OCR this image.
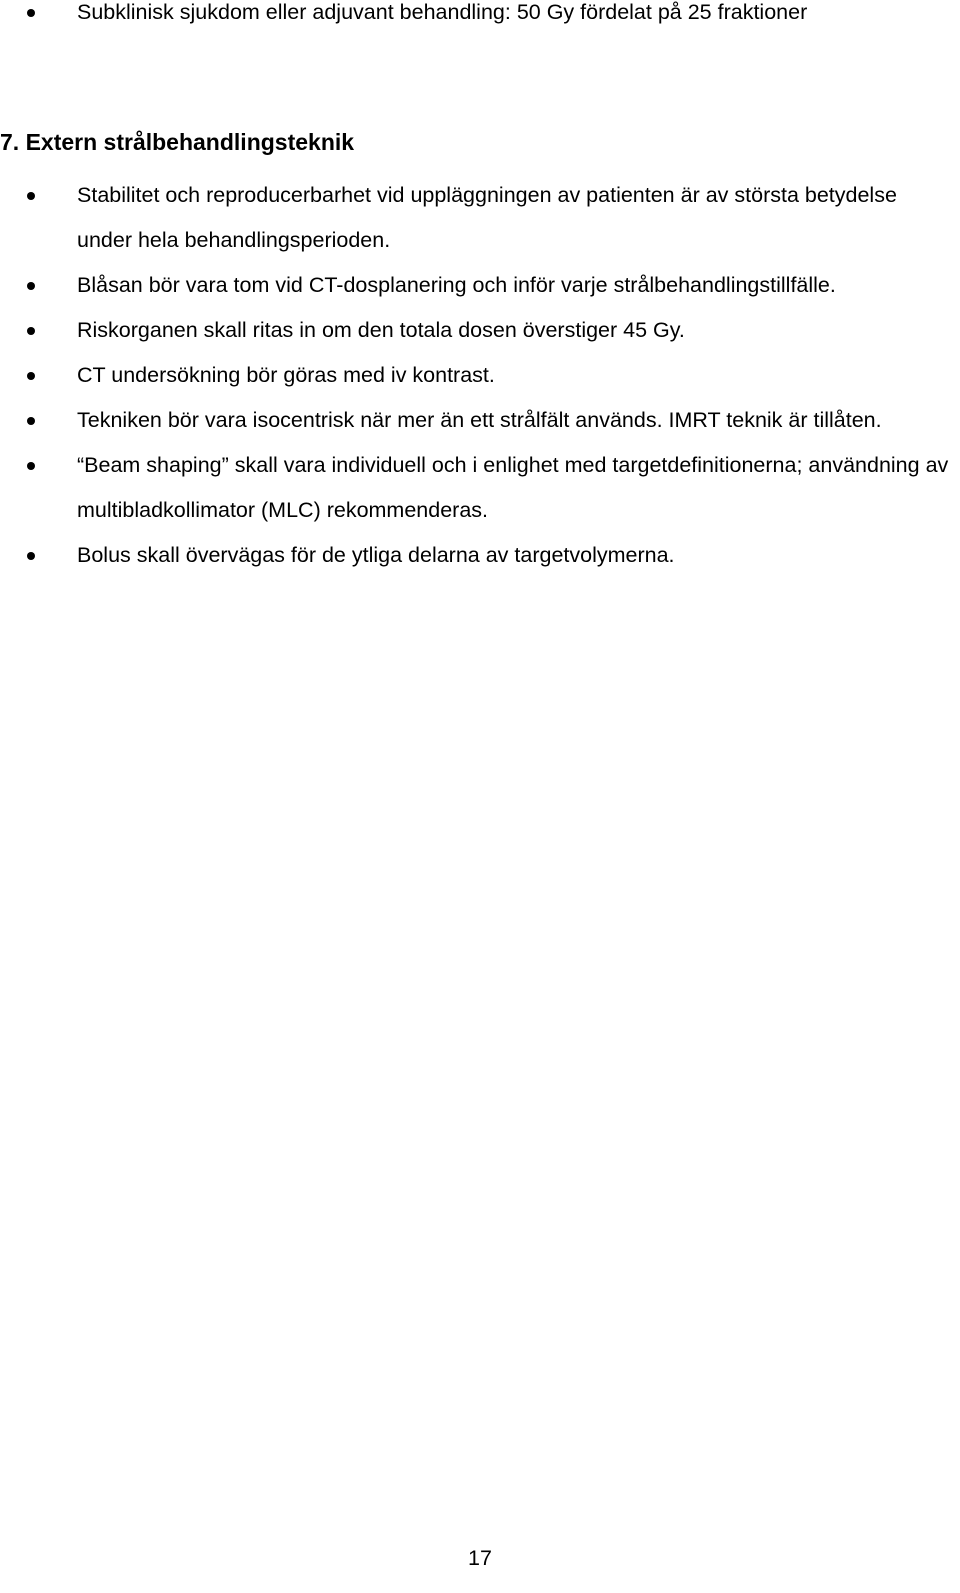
Subklinisk sjukdom eller adjuvant behandling: 50 Gy fördelat på 25 fraktioner
7. Extern strålbehandlingsteknik
Stabilitet och reproducerbarhet vid uppläggningen av patienten är av största betydelse under hela behandlingsperioden.
Blåsan bör vara tom vid CT-dosplanering och inför varje strålbehandlingstillfälle.
Riskorganen skall ritas in om den totala dosen överstiger 45 Gy.
CT undersökning bör göras med iv kontrast.
Tekniken bör vara isocentrisk när mer än ett strålfält används. IMRT teknik är tillåten.
“Beam shaping” skall vara individuell och i enlighet med targetdefinitionerna; användning av multibladkollimator (MLC) rekommenderas.
Bolus skall övervägas för de ytliga delarna av targetvolymerna.
17
